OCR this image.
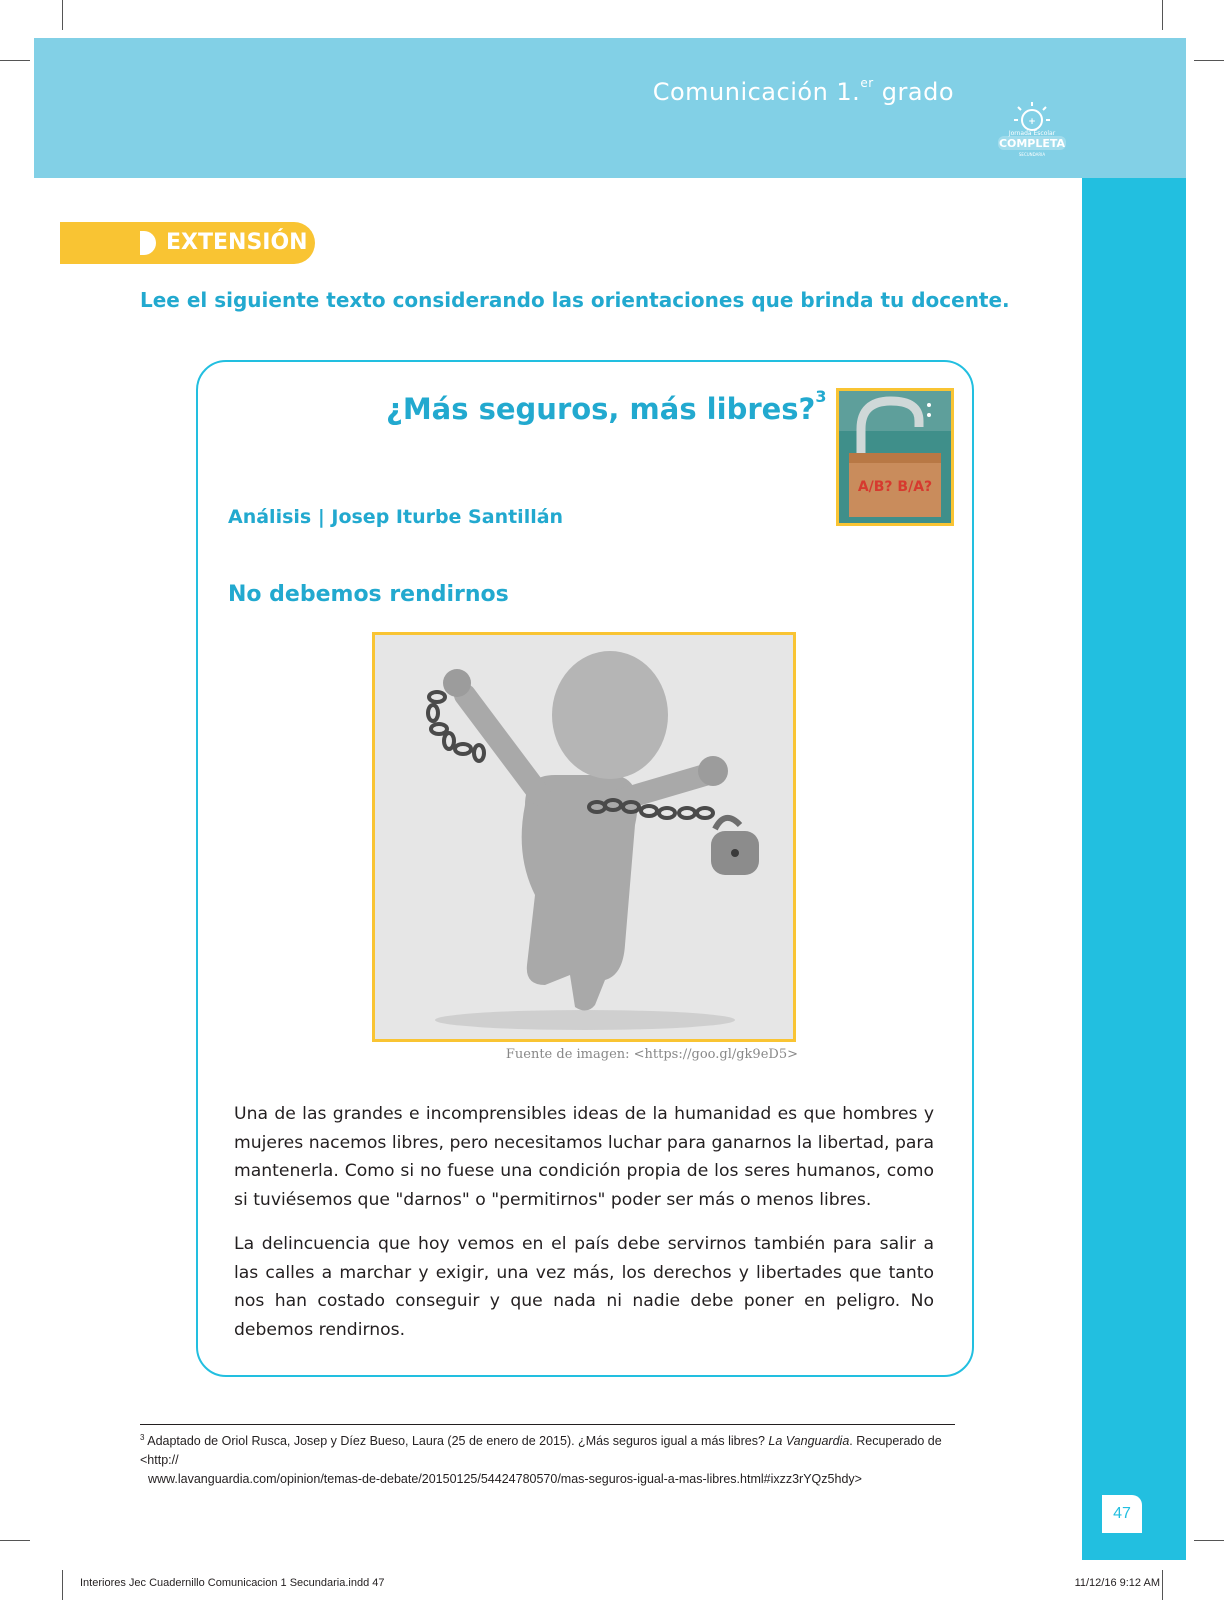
Comunicación 1.$^{er}$ grado
+
COMPLETA
Jornada Escolar
SECUNDARIA
47
EXTENSIÓN
Lee el siguiente texto considerando las orientaciones que brinda tu docente.
¿Más seguros, más libres?$^3$
A/B? B/A?
Análisis | Josep Iturbe Santillán
No debemos rendirnos
Fuente de imagen: <https://goo.gl/gk9eD5>

Una de las grandes e incomprensibles ideas de la humanidad es que hombres y mujeres nacemos libres, pero necesitamos luchar para ganarnos la libertad, para mantenerla. Como si no fuese una condición propia de los seres humanos, como si tuviésemos que "darnos" o "permitirnos" poder ser más o menos libres.

La delincuencia que hoy vemos en el país debe servirnos también para salir a las calles a marchar y exigir, una vez más, los derechos y libertades que tanto nos han costado conseguir y que nada ni nadie debe poner en peligro. No debemos rendirnos.

$^3$ Adaptado de Oriol Rusca, Josep y Díez Bueso, Laura (25 de enero de 2015). ¿Más seguros igual a más libres? La Vanguardia. Recuperado de <http://
www.lavanguardia.com/opinion/temas-de-debate/20150125/54424780570/mas-seguros-igual-a-mas-libres.html#ixzz3rYQz5hdy>
Interiores Jec Cuadernillo Comunicacion 1 Secundaria.indd 47	11/12/16 9:12 AM
